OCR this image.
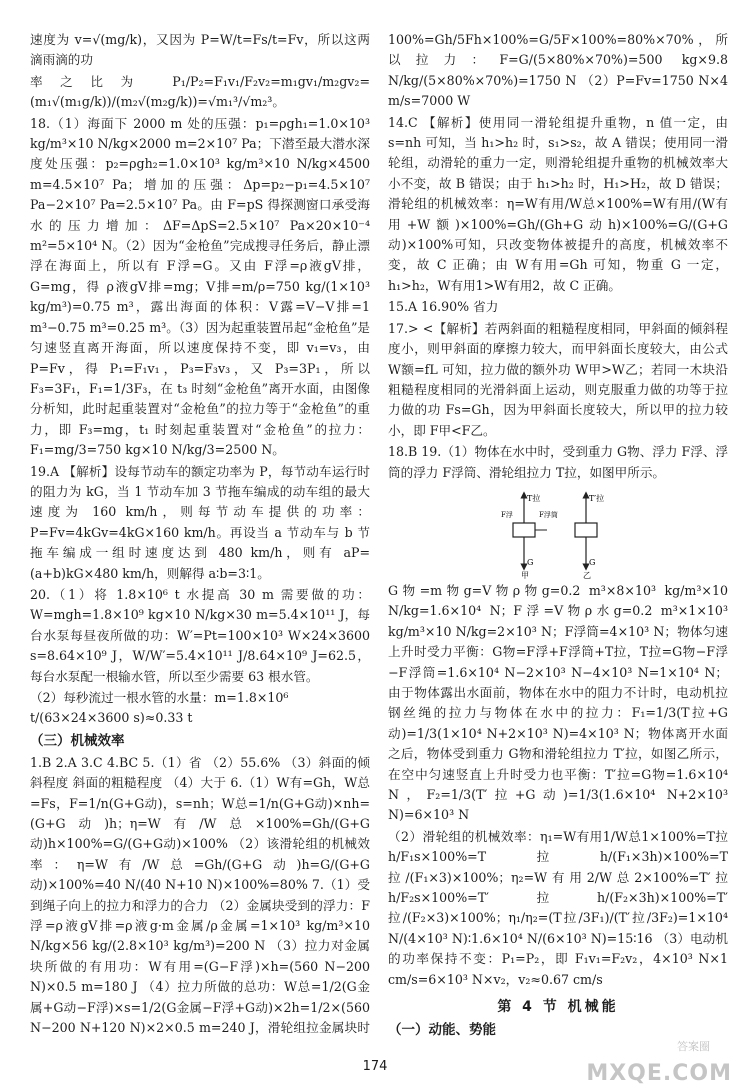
速度为 v=√(mg/k)，又因为 P=W/t=Fs/t=Fv，所以这两滴雨滴的功

率之比为 P₁/P₂=F₁v₁/F₂v₂=m₁gv₁/m₂gv₂=(m₁√(m₁g/k))/(m₂√(m₂g/k))=√m₁³/√m₂³。

18.（1）海面下 2000 m 处的压强：p₁=ρgh₁=1.0×10³ kg/m³×10 N/kg×2000 m=2×10⁷ Pa；下潜至最大潜水深度处压强：p₂=ρgh₂=1.0×10³ kg/m³×10 N/kg×4500 m=4.5×10⁷ Pa；增加的压强：Δp=p₂−p₁=4.5×10⁷ Pa−2×10⁷ Pa=2.5×10⁷ Pa。由 F=pS 得探测窗口承受海水的压力增加：ΔF=ΔpS=2.5×10⁷ Pa×20×10⁻⁴ m²=5×10⁴ N。（2）因为“金枪鱼”完成搜寻任务后，静止漂浮在海面上，所以有 F浮=G。又由 F浮=ρ液gV排，G=mg，得 ρ液gV排=mg；V排=m/ρ=750 kg/(1×10³ kg/m³)=0.75 m³，露出海面的体积：V露=V−V排=1 m³−0.75 m³=0.25 m³。（3）因为起重装置吊起“金枪鱼”是匀速竖直离开海面，所以速度保持不变，即 v₁=v₃，由 P=Fv，得 P₁=F₁v₁，P₃=F₃v₃，又 P₃=3P₁，所以 F₃=3F₁，F₁=1/3F₃，在 t₃ 时刻“金枪鱼”离开水面，由图像分析知，此时起重装置对“金枪鱼”的拉力等于“金枪鱼”的重力，即 F₃=mg，t₁ 时刻起重装置对“金枪鱼”的拉力：F₁=mg/3=750 kg×10 N/kg/3=2500 N。

19.A 【解析】设每节动车的额定功率为 P，每节动车运行时的阻力为 kG，当 1 节动车加 3 节拖车编成的动车组的最大速度为 160 km/h，则每节动车提供的功率：P=Fv=4kGv=4kG×160 km/h。再设当 a 节动车与 b 节拖车编成一组时速度达到 480 km/h，则有 aP=(a+b)kG×480 km/h，则解得 a∶b=3∶1。

20.（1）将 1.8×10⁶ t 水提高 30 m 需要做的功：W=mgh=1.8×10⁹ kg×10 N/kg×30 m=5.4×10¹¹ J，每台水泵每昼夜所做的功：W′=Pt=100×10³ W×24×3600 s=8.64×10⁹ J，W/W′=5.4×10¹¹ J/8.64×10⁹ J=62.5，每台水泵配一根输水管，所以至少需要 63 根水管。

（2）每秒流过一根水管的水量：m=1.8×10⁶ t/(63×24×3600 s)≈0.33 t

（三）机械效率

1.B 2.A 3.C 4.BC 5.（1）省 （2）55.6% （3）斜面的倾斜程度 斜面的粗糙程度 （4）大于 6.（1）W有=Gh，W总=Fs，F=1/n(G+G动)，s=nh；W总=1/n(G+G动)×nh=(G+G动)h；η=W有/W总×100%=Gh/(G+G动)h×100%=G/(G+G动)×100% （2）该滑轮组的机械效率：η=W有/W总=Gh/(G+G动)h=G/(G+G动)×100%=40 N/(40 N+10 N)×100%=80% 7.（1）受到绳子向上的拉力和浮力的合力 （2）金属块受到的浮力：F浮=ρ液gV排=ρ液g·m金属/ρ金属=1×10³ kg/m³×10 N/kg×56 kg/(2.8×10³ kg/m³)=200 N （3）拉力对金属块所做的有用功：W有用=(G−F浮)×h=(560 N−200 N)×0.5 m=180 J （4）拉力所做的总功：W总=1/2(G金属+G动−F浮)×s=1/2(G金属−F浮+G动)×2h=1/2×(560 N−200 N+120 N)×2×0.5 m=240 J，滑轮组拉金属块时

100%=Gh/5Fh×100%=G/5F×100%=80%×70%，所以拉力：F=G/(5×80%×70%)=500 kg×9.8 N/kg/(5×80%×70%)=1750 N （2）P=Fv=1750 N×4 m/s=7000 W

14.C 【解析】使用同一滑轮组提升重物，n 值一定，由 s=nh 可知，当 h₁>h₂ 时，s₁>s₂，故 A 错误；使用同一滑轮组，动滑轮的重力一定，则滑轮组提升重物的机械效率大小不变，故 B 错误；由于 h₁>h₂ 时，H₁>H₂，故 D 错误；滑轮组的机械效率：η=W有用/W总×100%=W有用/(W有用+W额)×100%=Gh/(Gh+G动h)×100%=G/(G+G动)×100%可知，只改变物体被提升的高度，机械效率不变，故 C 正确；由 W有用=Gh 可知，物重 G 一定，h₁>h₂，W有用1>W有用2，故 C 正确。

15.A 16.90% 省力

17.> <【解析】若两斜面的粗糙程度相同，甲斜面的倾斜程度小，则甲斜面的摩擦力较大，而甲斜面长度较大，由公式 W额=fL 可知，拉力做的额外功 W甲>W乙；若同一木块沿粗糙程度相同的光滑斜面上运动，则克服重力做的功等于拉力做的功 Fs=Gh，因为甲斜面长度较大，所以甲的拉力较小，即 F甲<F乙。

18.B 19.（1）物体在水中时，受到重力 G物、浮力 F浮、浮筒的浮力 F浮筒、滑轮组拉力 T拉，如图甲所示。

T拉
F浮筒
F浮
G
甲
T′拉
G
乙

G物=m物g=V物ρ物g=0.2 m³×8×10³ kg/m³×10 N/kg=1.6×10⁴ N；F浮=V物ρ水g=0.2 m³×1×10³ kg/m³×10 N/kg=2×10³ N；F浮筒=4×10³ N；物体匀速上升时受力平衡：G物=F浮+F浮筒+T拉，T拉=G物−F浮−F浮筒=1.6×10⁴ N−2×10³ N−4×10³ N=1×10⁴ N；由于物体露出水面前，物体在水中的阻力不计时，电动机拉钢丝绳的拉力与物体在水中的拉力：F₁=1/3(T拉+G动)=1/3(1×10⁴ N+2×10³ N)=4×10³ N；物体离开水面之后，物体受到重力 G物和滑轮组拉力 T′拉，如图乙所示，在空中匀速竖直上升时受力也平衡：T′拉=G物=1.6×10⁴ N，F₂=1/3(T′拉+G动)=1/3(1.6×10⁴ N+2×10³ N)=6×10³ N

（2）滑轮组的机械效率：η₁=W有用1/W总1×100%=T拉h/F₁s×100%=T拉h/(F₁×3h)×100%=T拉/(F₁×3)×100%；η₂=W有用2/W总2×100%=T′拉h/F₂s×100%=T′拉h/(F₂×3h)×100%=T′拉/(F₂×3)×100%；η₁/η₂=(T拉/3F₁)/(T′拉/3F₂)=1×10⁴ N/(4×10³ N)∶1.6×10⁴ N/(6×10³ N)=15∶16 （3）电动机的功率保持不变：P₁=P₂，即 F₁v₁=F₂v₂，4×10³ N×1 cm/s=6×10³ N×v₂，v₂≈0.67 cm/s

第 4 节 机械能
（一）动能、势能

174
答案圈
MXQE.COM
